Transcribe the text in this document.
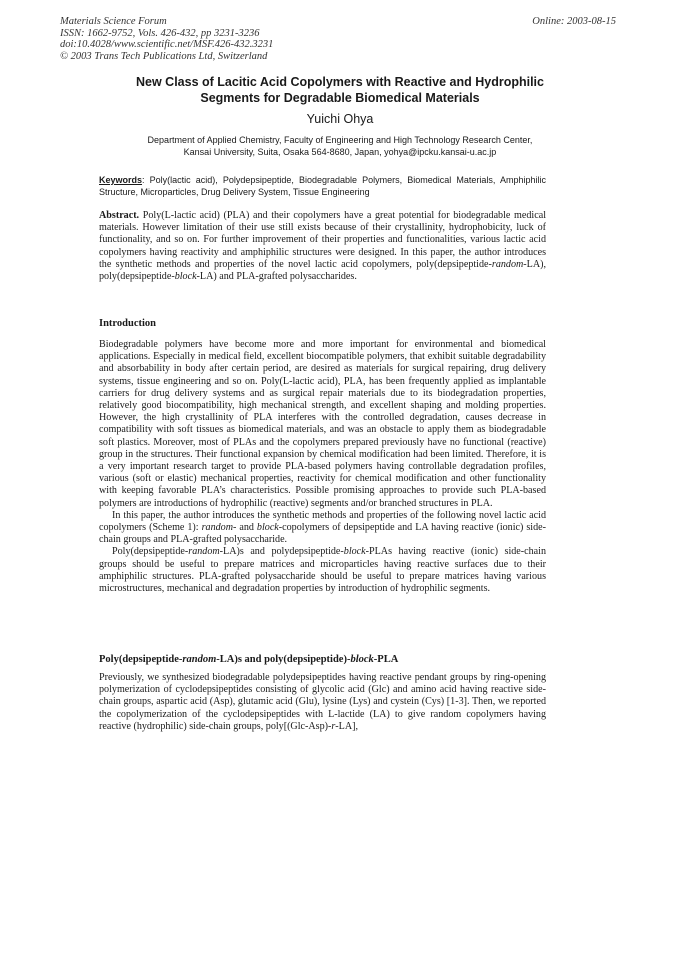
Materials Science Forum
ISSN: 1662-9752, Vols. 426-432, pp 3231-3236
doi:10.4028/www.scientific.net/MSF.426-432.3231
© 2003 Trans Tech Publications Ltd, Switzerland
Online: 2003-08-15
New Class of Lacitic Acid Copolymers with Reactive and Hydrophilic
Segments for Degradable Biomedical Materials
Yuichi Ohya
Department of Applied Chemistry, Faculty of Engineering and High Technology Research Center,
Kansai University, Suita, Osaka 564-8680, Japan, yohya@ipcku.kansai-u.ac.jp
Keywords: Poly(lactic acid), Polydepsipeptide, Biodegradable Polymers, Biomedical Materials, Amphiphilic Structure, Microparticles, Drug Delivery System, Tissue Engineering
Abstract. Poly(L-lactic acid) (PLA) and their copolymers have a great potential for biodegradable medical materials. However limitation of their use still exists because of their crystallinity, hydrophobicity, luck of functionality, and so on. For further improvement of their properties and functionalities, various lactic acid copolymers having reactivity and amphiphilic structures were designed. In this paper, the author introduces the synthetic methods and properties of the novel lactic acid copolymers, poly(depsipeptide-random-LA), poly(depsipeptide-block-LA) and PLA-grafted polysaccharides.
Introduction

Biodegradable polymers have become more and more important for environmental and biomedical applications. Especially in medical field, excellent biocompatible polymers, that exhibit suitable degradability and absorbability in body after certain period, are desired as materials for surgical repairing, drug delivery systems, tissue engineering and so on. Poly(L-lactic acid), PLA, has been frequently applied as implantable carriers for drug delivery systems and as surgical repair materials due to its biodegradation properties, relatively good biocompatibility, high mechanical strength, and excellent shaping and molding properties. However, the high crystallinity of PLA interferes with the controlled degradation, causes decrease in compatibility with soft tissues as biomedical materials, and was an obstacle to apply them as biodegradable soft plastics. Moreover, most of PLAs and the copolymers prepared previously have no functional (reactive) group in the structures. Their functional expansion by chemical modification had been limited. Therefore, it is a very important research target to provide PLA-based polymers having controllable degradation profiles, various (soft or elastic) mechanical properties, reactivity for chemical modification and other functionality with keeping favorable PLA’s characteristics. Possible promising approaches to provide such PLA-based polymers are introductions of hydrophilic (reactive) segments and/or branched structures in PLA.

In this paper, the author introduces the synthetic methods and properties of the following novel lactic acid copolymers (Scheme 1): random- and block-copolymers of depsipeptide and LA having reactive (ionic) side-chain groups and PLA-grafted polysaccharide.

Poly(depsipeptide-random-LA)s and polydepsipeptide-block-PLAs having reactive (ionic) side-chain groups should be useful to prepare matrices and microparticles having reactive surfaces due to their amphiphilic structures. PLA-grafted polysaccharide should be useful to prepare matrices having various microstructures, mechanical and degradation properties by introduction of hydrophilic segments.

Poly(depsipeptide-random-LA)s and poly(depsipeptide)-block-PLA

Previously, we synthesized biodegradable polydepsipeptides having reactive pendant groups by ring-opening polymerization of cyclodepsipeptides consisting of glycolic acid (Glc) and amino acid having reactive side-chain groups, aspartic acid (Asp), glutamic acid (Glu), lysine (Lys) and cystein (Cys) [1-3]. Then, we reported the copolymerization of the cyclodepsipeptides with L-lactide (LA) to give random copolymers having reactive (hydrophilic) side-chain groups, poly[(Glc-Asp)-r-LA],
